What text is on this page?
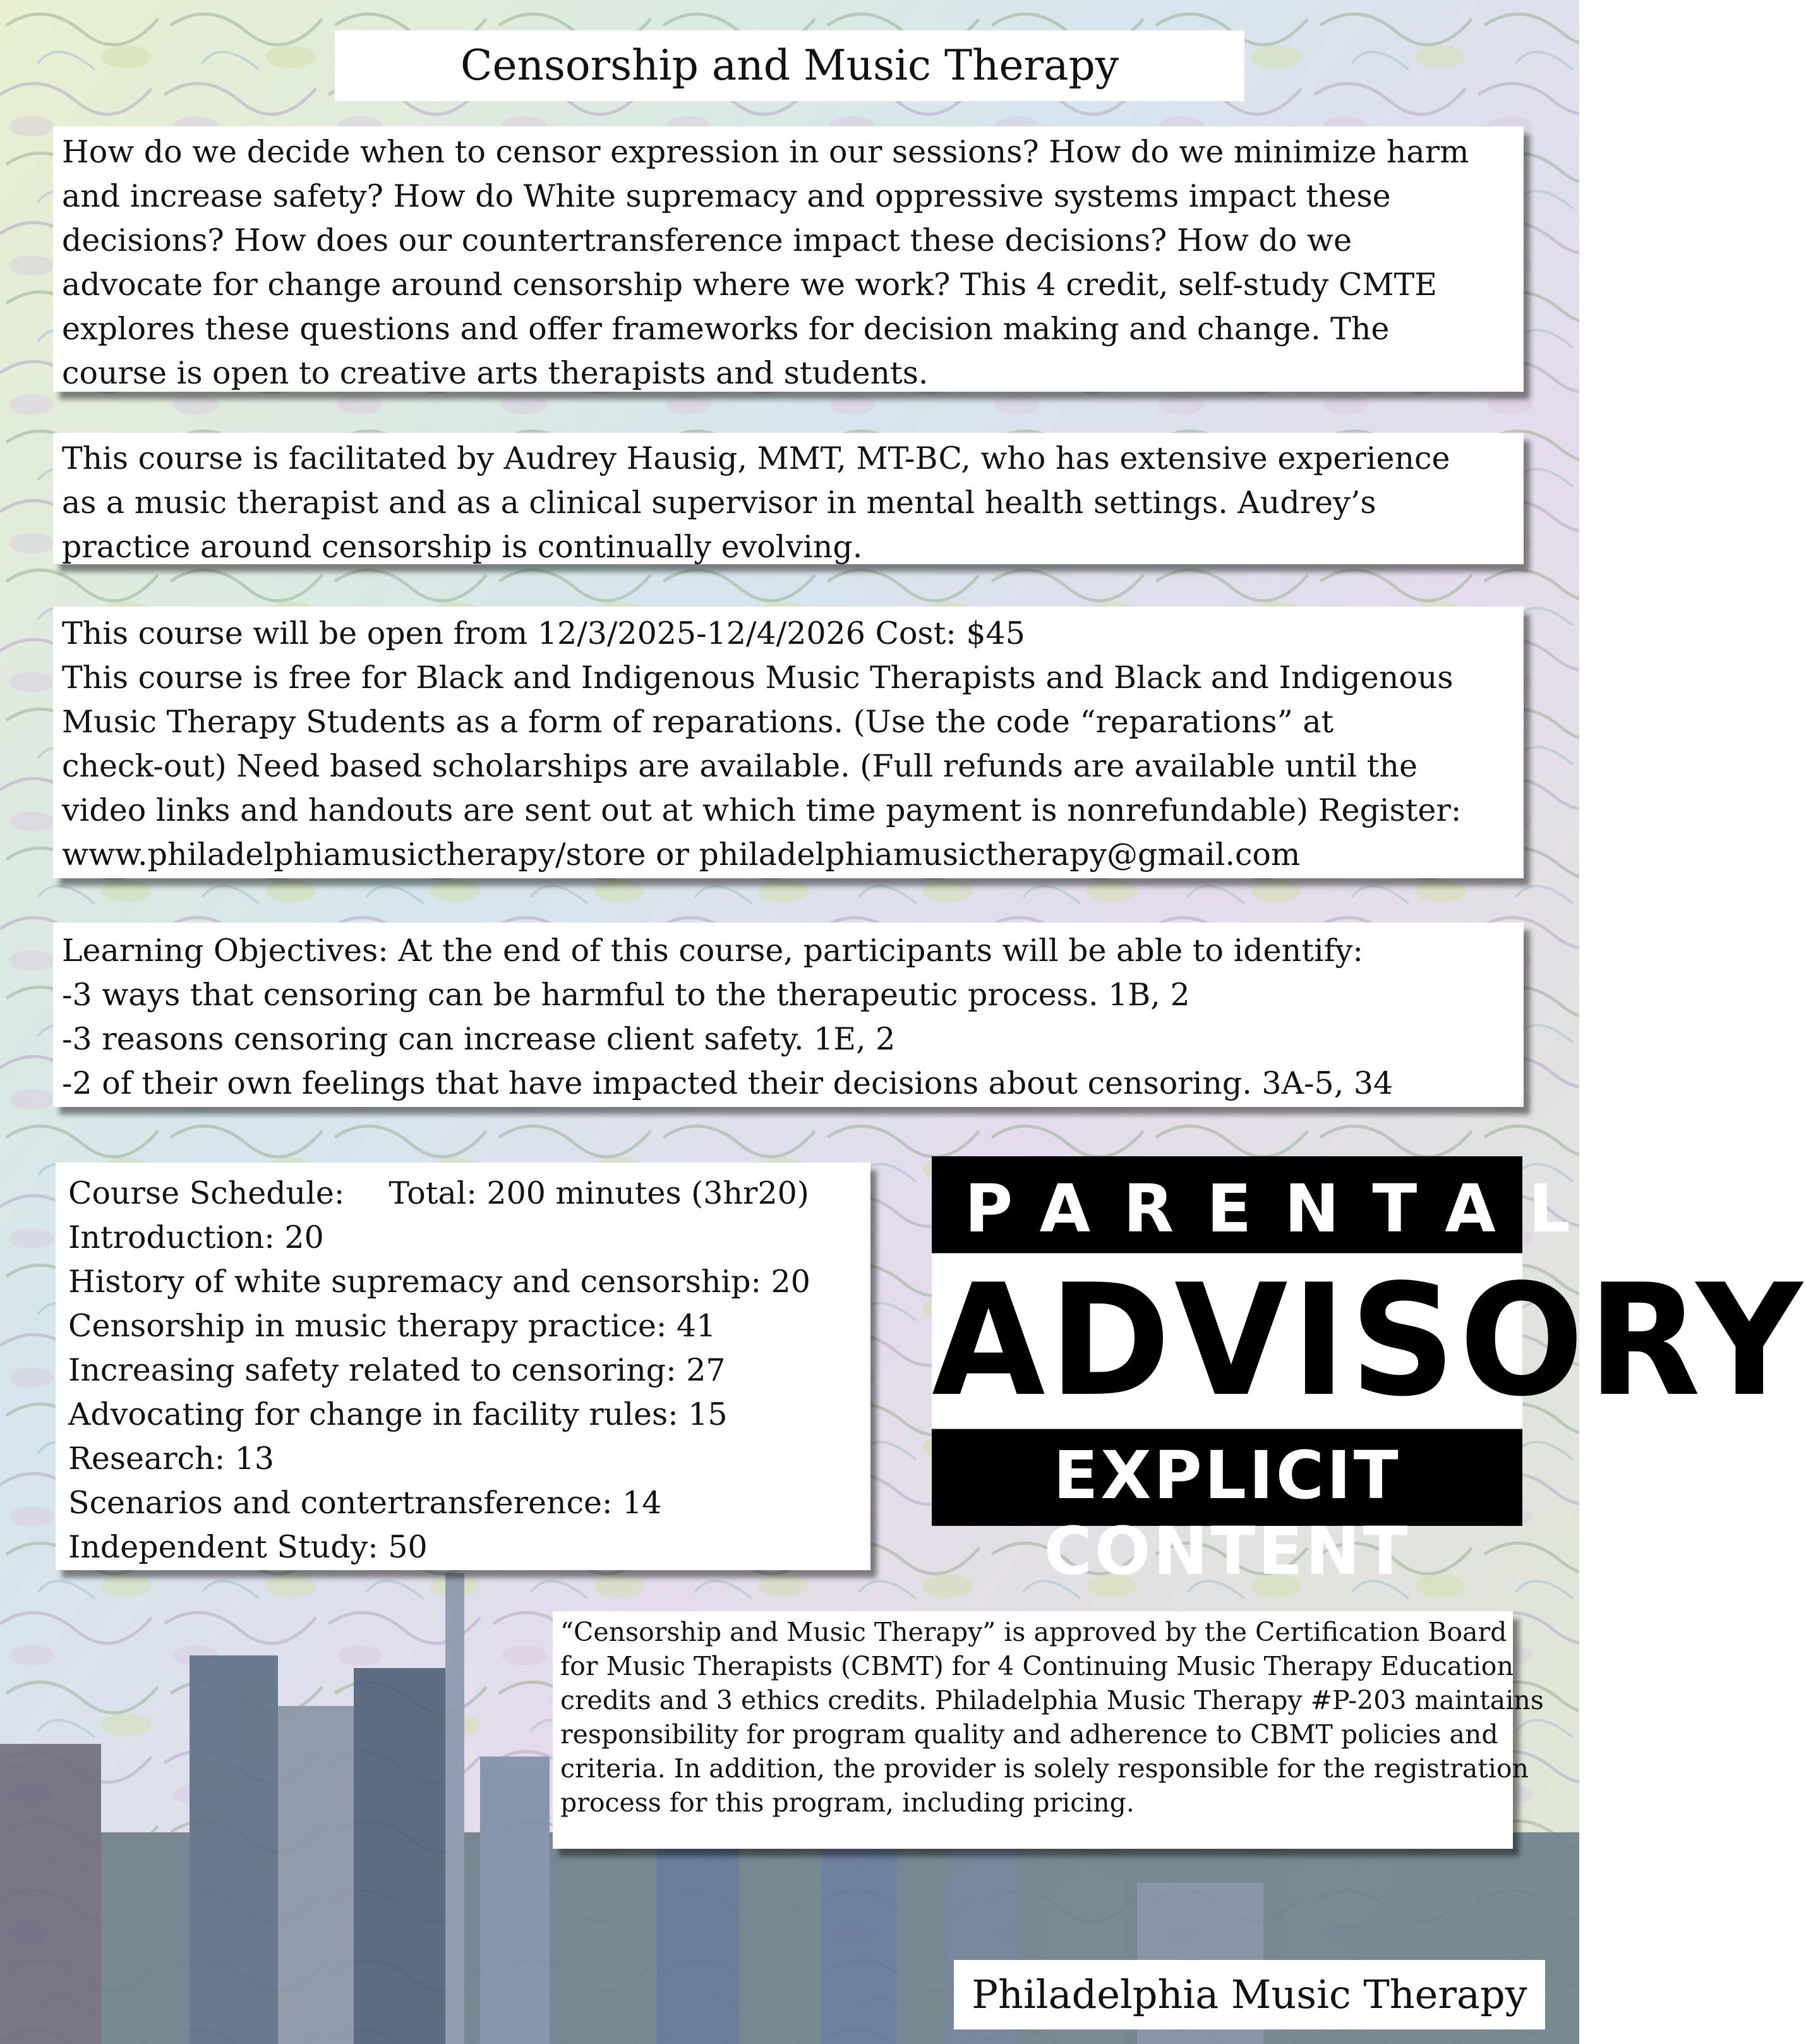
Censorship and Music Therapy
How do we decide when to censor expression in our sessions? How do we minimize harm
and increase safety? How do White supremacy and oppressive systems impact these
decisions? How does our countertransference impact these decisions? How do we
advocate for change around censorship where we work? This 4 credit, self-study CMTE
explores these questions and offer frameworks for decision making and change. The
course is open to creative arts therapists and students.
This course is facilitated by Audrey Hausig, MMT, MT-BC, who has extensive experience
as a music therapist and as a clinical supervisor in mental health settings. Audrey’s
practice around censorship is continually evolving.
This course will be open from 12/3/2025-12/4/2026 Cost: $45
This course is free for Black and Indigenous Music Therapists and Black and Indigenous
Music Therapy Students as a form of reparations. (Use the code “reparations” at
check-out) Need based scholarships are available. (Full refunds are available until the
video links and handouts are sent out at which time payment is nonrefundable) Register:
www.philadelphiamusictherapy/store or philadelphiamusictherapy@gmail.com
Learning Objectives: At the end of this course, participants will be able to identify:
-3 ways that censoring can be harmful to the therapeutic process. 1B, 2
-3 reasons censoring can increase client safety. 1E, 2
-2 of their own feelings that have impacted their decisions about censoring. 3A-5, 34
Course Schedule: Total: 200 minutes (3hr20)
Introduction: 20
History of white supremacy and censorship: 20
Censorship in music therapy practice: 41
Increasing safety related to censoring: 27
Advocating for change in facility rules: 15
Research: 13
Scenarios and contertransference: 14
Independent Study: 50
PARENTAL
ADVISORY
EXPLICIT CONTENT
“Censorship and Music Therapy” is approved by the Certification Board
for Music Therapists (CBMT) for 4 Continuing Music Therapy Education
credits and 3 ethics credits. Philadelphia Music Therapy #P-203 maintains
responsibility for program quality and adherence to CBMT policies and
criteria. In addition, the provider is solely responsible for the registration
process for this program, including pricing.
Philadelphia Music Therapy
